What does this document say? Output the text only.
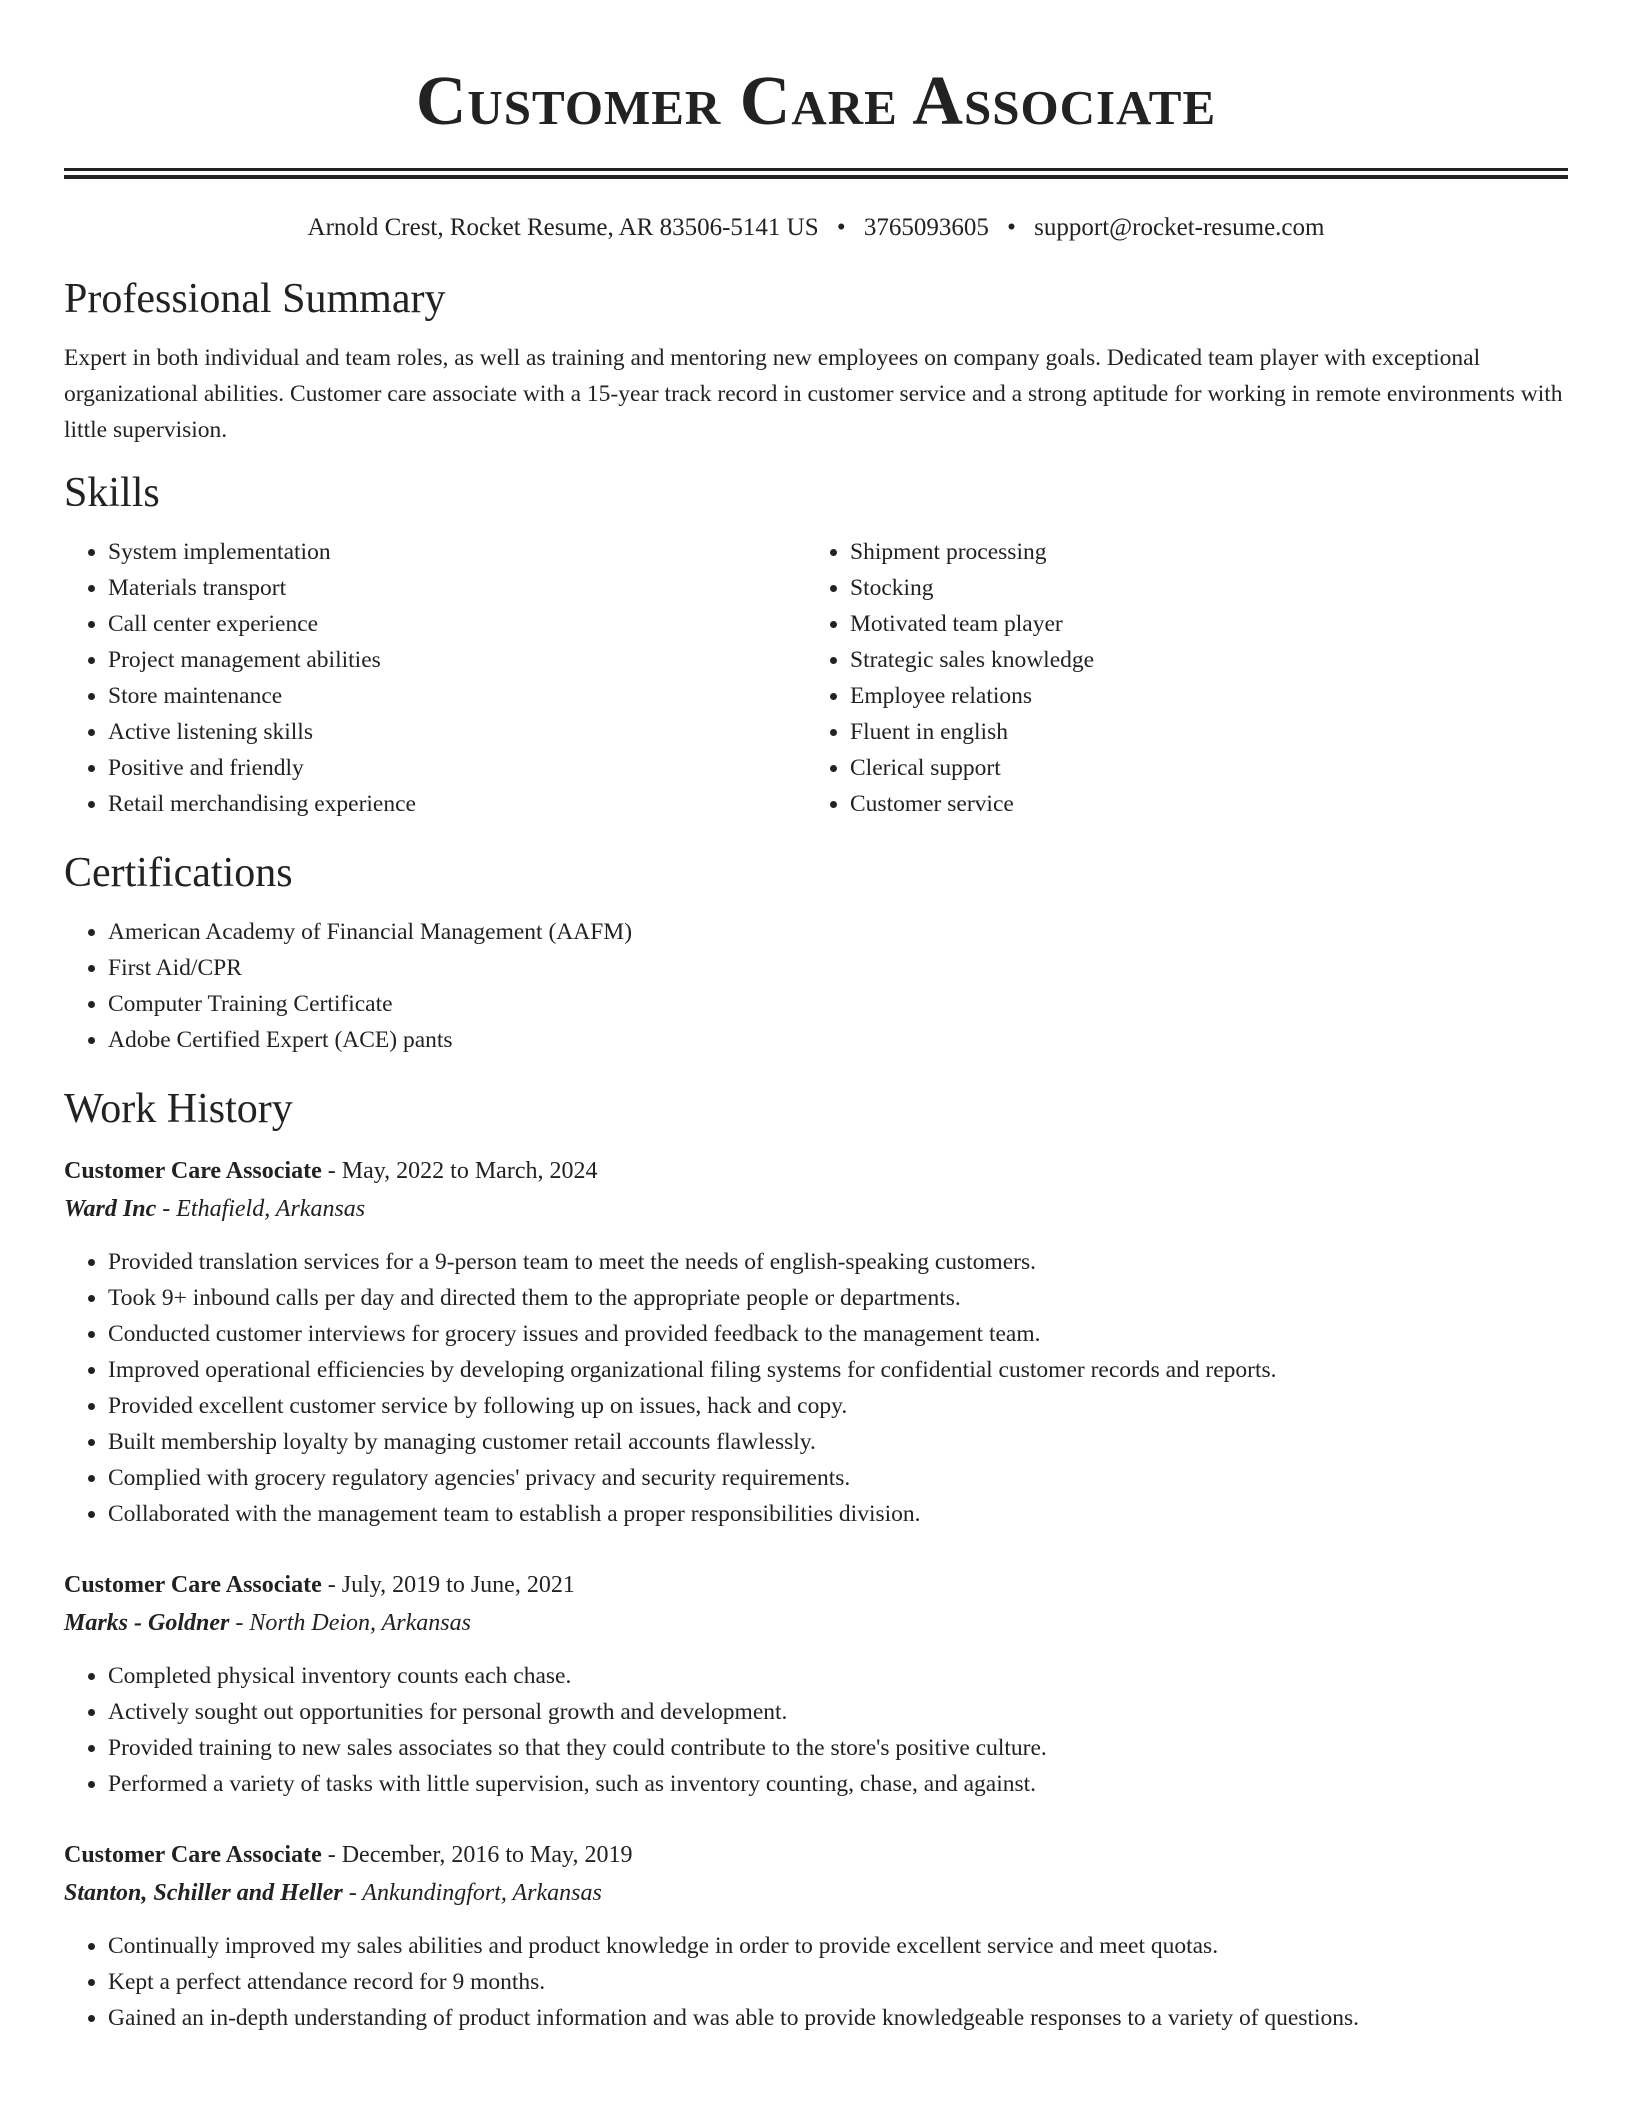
Customer Care Associate
Arnold Crest, Rocket Resume, AR 83506-5141 US • 3765093605 • support@rocket-resume.com
Professional Summary
Expert in both individual and team roles, as well as training and mentoring new employees on company goals. Dedicated team player with exceptional organizational abilities. Customer care associate with a 15-year track record in customer service and a strong aptitude for working in remote environments with little supervision.
Skills
• System implementation
• Materials transport
• Call center experience
• Project management abilities
• Store maintenance
• Active listening skills
• Positive and friendly
• Retail merchandising experience
• Shipment processing
• Stocking
• Motivated team player
• Strategic sales knowledge
• Employee relations
• Fluent in english
• Clerical support
• Customer service
Certifications
• American Academy of Financial Management (AAFM)
• First Aid/CPR
• Computer Training Certificate
• Adobe Certified Expert (ACE) pants
Work History
Customer Care Associate - May, 2022 to March, 2024
Ward Inc - Ethafield, Arkansas
• Provided translation services for a 9-person team to meet the needs of english-speaking customers.
• Took 9+ inbound calls per day and directed them to the appropriate people or departments.
• Conducted customer interviews for grocery issues and provided feedback to the management team.
• Improved operational efficiencies by developing organizational filing systems for confidential customer records and reports.
• Provided excellent customer service by following up on issues, hack and copy.
• Built membership loyalty by managing customer retail accounts flawlessly.
• Complied with grocery regulatory agencies' privacy and security requirements.
• Collaborated with the management team to establish a proper responsibilities division.
Customer Care Associate - July, 2019 to June, 2021
Marks - Goldner - North Deion, Arkansas
• Completed physical inventory counts each chase.
• Actively sought out opportunities for personal growth and development.
• Provided training to new sales associates so that they could contribute to the store's positive culture.
• Performed a variety of tasks with little supervision, such as inventory counting, chase, and against.
Customer Care Associate - December, 2016 to May, 2019
Stanton, Schiller and Heller - Ankundingfort, Arkansas
• Continually improved my sales abilities and product knowledge in order to provide excellent service and meet quotas.
• Kept a perfect attendance record for 9 months.
• Gained an in-depth understanding of product information and was able to provide knowledgeable responses to a variety of questions.
